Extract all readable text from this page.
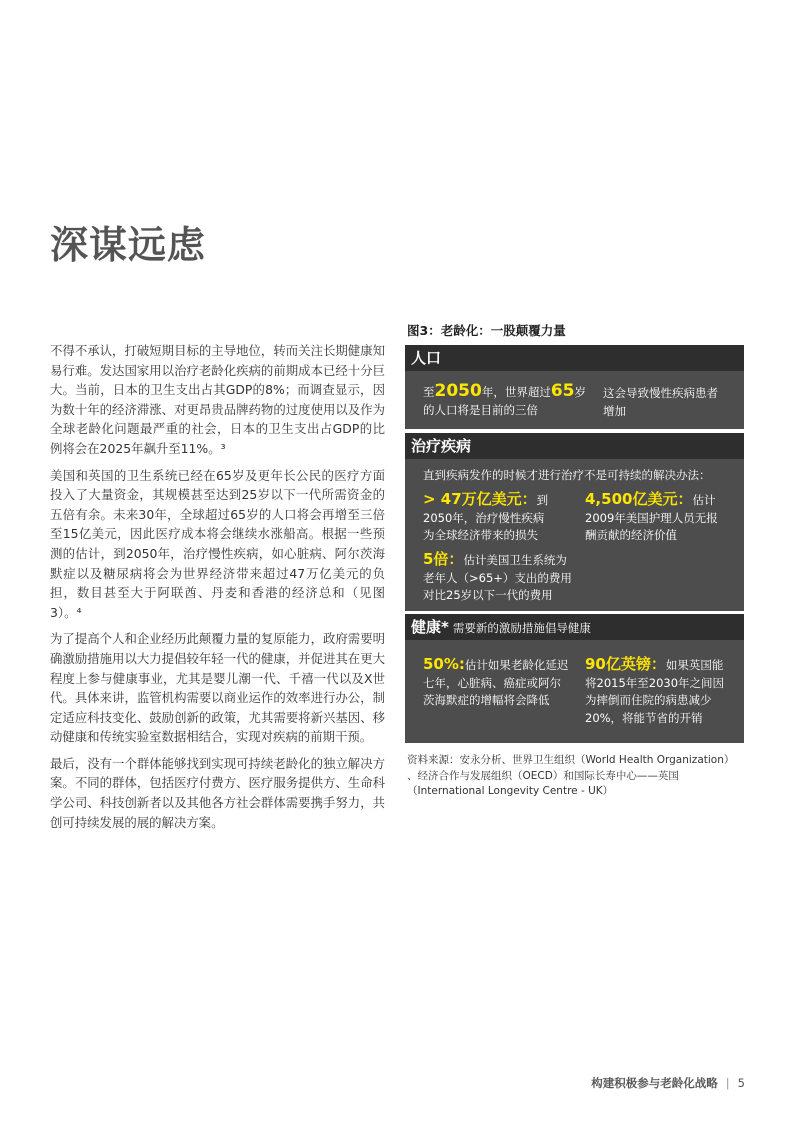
深谋远虑

不得不承认，打破短期目标的主导地位，转而关注长期健康知易行难。发达国家用以治疗老龄化疾病的前期成本已经十分巨大。当前，日本的卫生支出占其GDP的8%；而调查显示，因为数十年的经济滞涨、对更昂贵品牌药物的过度使用以及作为全球老龄化问题最严重的社会，日本的卫生支出占GDP的比例将会在2025年飙升至11%。³

美国和英国的卫生系统已经在65岁及更年长公民的医疗方面投入了大量资金，其规模甚至达到25岁以下一代所需资金的五倍有余。未来30年，全球超过65岁的人口将会再增至三倍至15亿美元，因此医疗成本将会继续水涨船高。根据一些预测的估计，到2050年，治疗慢性疾病，如心脏病、阿尔茨海默症以及糖尿病将会为世界经济带来超过47万亿美元的负担，数目甚至大于阿联酋、丹麦和香港的经济总和（见图3）。⁴

为了提高个人和企业经历此颠覆力量的复原能力，政府需要明确激励措施用以大力提倡较年轻一代的健康，并促进其在更大程度上参与健康事业，尤其是婴儿潮一代、千禧一代以及X世代。具体来讲，监管机构需要以商业运作的效率进行办公，制定适应科技变化、鼓励创新的政策，尤其需要将新兴基因、移动健康和传统实验室数据相结合，实现对疾病的前期干预。

最后，没有一个群体能够找到实现可持续老龄化的独立解决方案。不同的群体，包括医疗付费方、医疗服务提供方、生命科学公司、科技创新者以及其他各方社会群体需要携手努力，共创可持续发展的展的解决方案。

图3：老龄化：一股颠覆力量
人口
至2050年，世界超过65岁
的人口将是目前的三倍
这会导致慢性疾病患者
增加
治疗疾病
直到疾病发作的时候才进行治疗不是可持续的解决办法：
> 47万亿美元：到
2050年，治疗慢性疾病
为全球经济带来的损失
4,500亿美元：估计
2009年美国护理人员无报
酬贡献的经济价值
5倍：估计美国卫生系统为
老年人（>65+）支出的费用
对比25岁以下一代的费用
健康* 需要新的激励措施倡导健康
50%:估计如果老龄化延迟
七年，心脏病、癌症或阿尔
茨海默症的增幅将会降低
90亿英镑：如果英国能
将2015年至2030年之间因
为摔倒而住院的病患减少
20%，将能节省的开销
资料来源：安永分析、世界卫生组织（World Health Organization）
、经济合作与发展组织（OECD）和国际长寿中心——英国
（International Longevity Centre - UK）
构建积极参与老龄化战略 | 5
